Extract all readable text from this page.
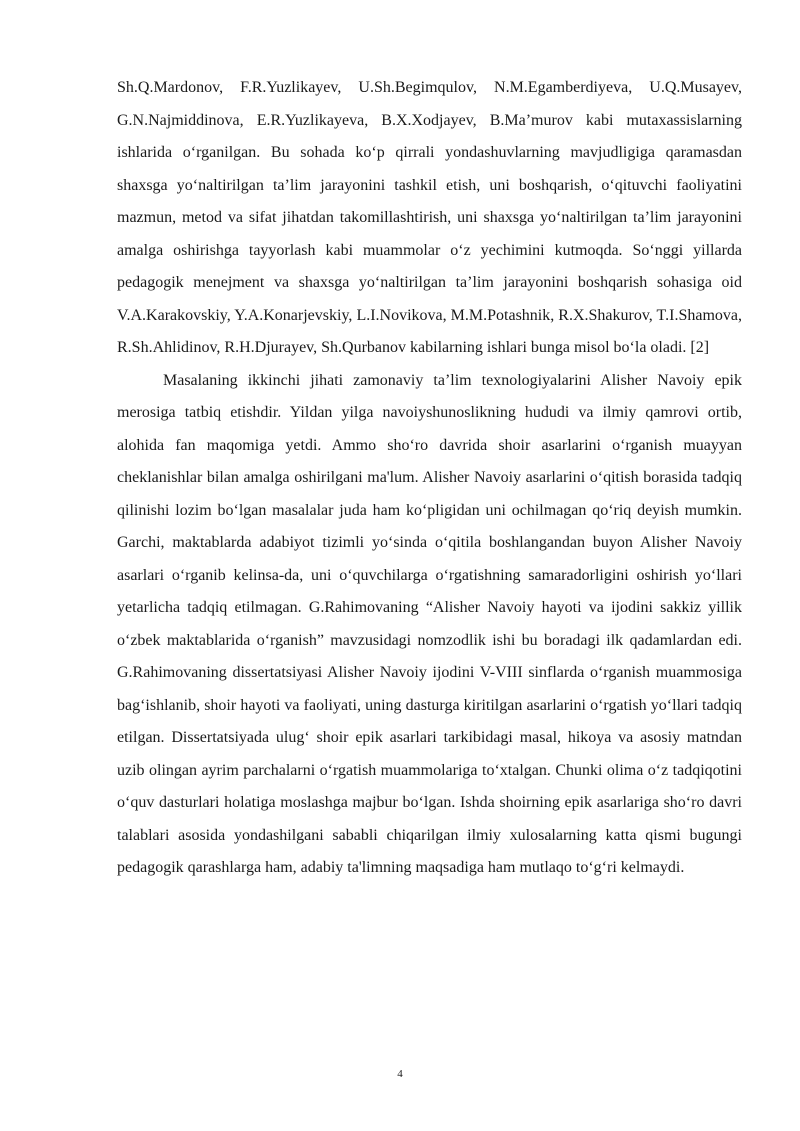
Sh.Q.Mardonov, F.R.Yuzlikayev, U.Sh.Begimqulov, N.M.Egamberdiyeva, U.Q.Musayev, G.N.Najmiddinova, E.R.Yuzlikayeva, B.X.Xodjayev, B.Ma’murov kabi mutaxassislarning ishlarida o‘rganilgan. Bu sohada ko‘p qirrali yondashuvlarning mavjudligiga qaramasdan shaxsga yo‘naltirilgan ta’lim jarayonini tashkil etish, uni boshqarish, o‘qituvchi faoliyatini mazmun, metod va sifat jihatdan takomillashtirish, uni shaxsga yo‘naltirilgan ta’lim jarayonini amalga oshirishga tayyorlash kabi muammolar o‘z yechimini kutmoqda. So‘nggi yillarda pedagogik menejment va shaxsga yo‘naltirilgan ta’lim jarayonini boshqarish sohasiga oid V.A.Karakovskiy, Y.A.Konarjevskiy, L.I.Novikova, M.M.Potashnik, R.X.Shakurov, T.I.Shamova, R.Sh.Ahlidinov, R.H.Djurayev, Sh.Qurbanov kabilarning ishlari bunga misol bo‘la oladi. [2]

Masalaning ikkinchi jihati zamonaviy ta’lim texnologiyalarini Alisher Navoiy epik merosiga tatbiq etishdir. Yildan yilga navoiyshunoslikning hududi va ilmiy qamrovi ortib, alohida fan maqomiga yetdi. Ammo sho‘ro davrida shoir asarlarini o‘rganish muayyan cheklanishlar bilan amalga oshirilgani ma'lum. Alisher Navoiy asarlarini o‘qitish borasida tadqiq qilinishi lozim bo‘lgan masalalar juda ham ko‘pligidan uni ochilmagan qo‘riq deyish mumkin. Garchi, maktablarda adabiyot tizimli yo‘sinda o‘qitila boshlangandan buyon Alisher Navoiy asarlari o‘rganib kelinsa-da, uni o‘quvchilarga o‘rgatishning samaradorligini oshirish yo‘llari yetarlicha tadqiq etilmagan. G.Rahimovaning “Alisher Navoiy hayoti va ijodini sakkiz yillik o‘zbek maktablarida o‘rganish” mavzusidagi nomzodlik ishi bu boradagi ilk qadamlardan edi. G.Rahimovaning dissertatsiyasi Alisher Navoiy ijodini V-VIII sinflarda o‘rganish muammosiga bag‘ishlanib, shoir hayoti va faoliyati, uning dasturga kiritilgan asarlarini o‘rgatish yo‘llari tadqiq etilgan. Dissertatsiyada ulug‘ shoir epik asarlari tarkibidagi masal, hikoya va asosiy matndan uzib olingan ayrim parchalarni o‘rgatish muammolariga to‘xtalgan. Chunki olima o‘z tadqiqotini o‘quv dasturlari holatiga moslashga majbur bo‘lgan. Ishda shoirning epik asarlariga sho‘ro davri talablari asosida yondashilgani sababli chiqarilgan ilmiy xulosalarning katta qismi bugungi pedagogik qarashlarga ham, adabiy ta'limning maqsadiga ham mutlaqo to‘g‘ri kelmaydi.

4
